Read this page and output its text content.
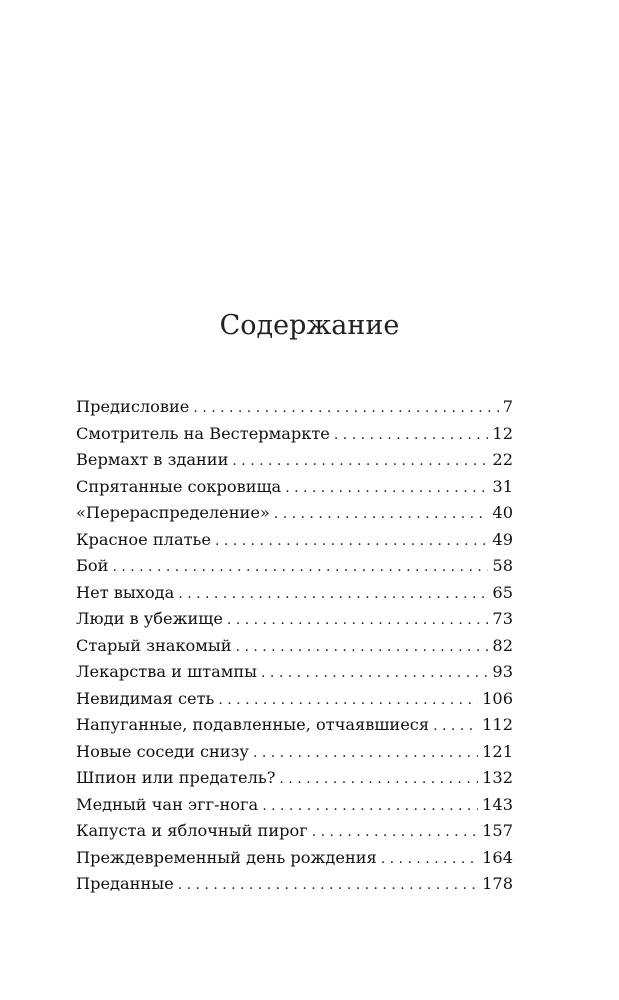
Содержание
Предисловие . . .	7
Смотритель на Вестермаркте . . .	12
Вермахт в здании . . .	22
Спрятанные сокровища . . .	31
«Перераспределение» . . .	40
Красное платье . . .	49
Бой . . .	58
Нет выхода . . .	65
Люди в убежище . . .	73
Старый знакомый . . .	82
Лекарства и штампы . . .	93
Невидимая сеть . . .	106
Напуганные, подавленные, отчаявшиеся . . .	112
Новые соседи снизу . . .	121
Шпион или предатель? . . .	132
Медный чан эгг-нога . . .	143
Капуста и яблочный пирог . . .	157
Преждевременный день рождения . . .	164
Преданные . . .	178
